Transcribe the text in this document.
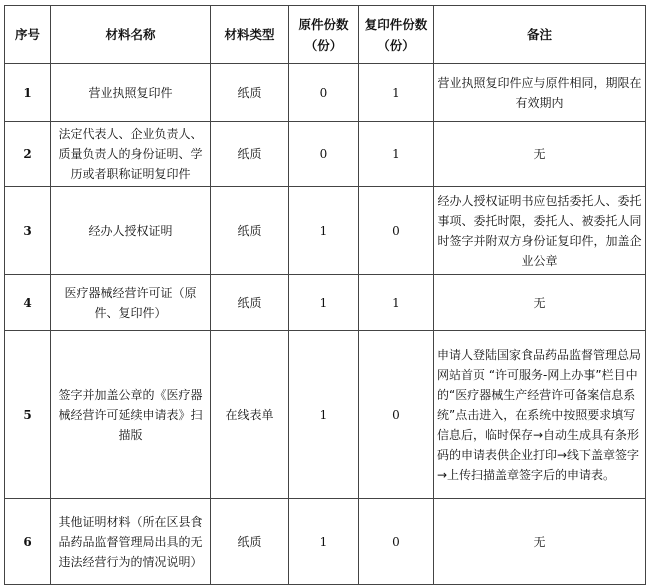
序号	材料名称	材料类型	原件份数（份）	复印件份数（份）	备注
1	营业执照复印件	纸质	0	1	营业执照复印件应与原件相同，期限在有效期内
2	法定代表人、企业负责人、质量负责人的身份证明、学历或者职称证明复印件	纸质	0	1	无
3	经办人授权证明	纸质	1	0	经办人授权证明书应包括委托人、委托事项、委托时限，委托人、被委托人同时签字并附双方身份证复印件，加盖企业公章
4	医疗器械经营许可证（原件、复印件）	纸质	1	1	无
5	签字并加盖公章的《医疗器械经营许可延续申请表》扫描版	在线表单	1	0	申请人登陆国家食品药品监督管理总局网站首页 “许可服务-网上办事”栏目中的“医疗器械生产经营许可备案信息系统”点击进入，在系统中按照要求填写信息后，临时保存→自动生成具有条形码的申请表供企业打印→线下盖章签字→上传扫描盖章签字后的申请表。
6	其他证明材料（所在区县食品药品监督管理局出具的无违法经营行为的情况说明）	纸质	1	0	无
